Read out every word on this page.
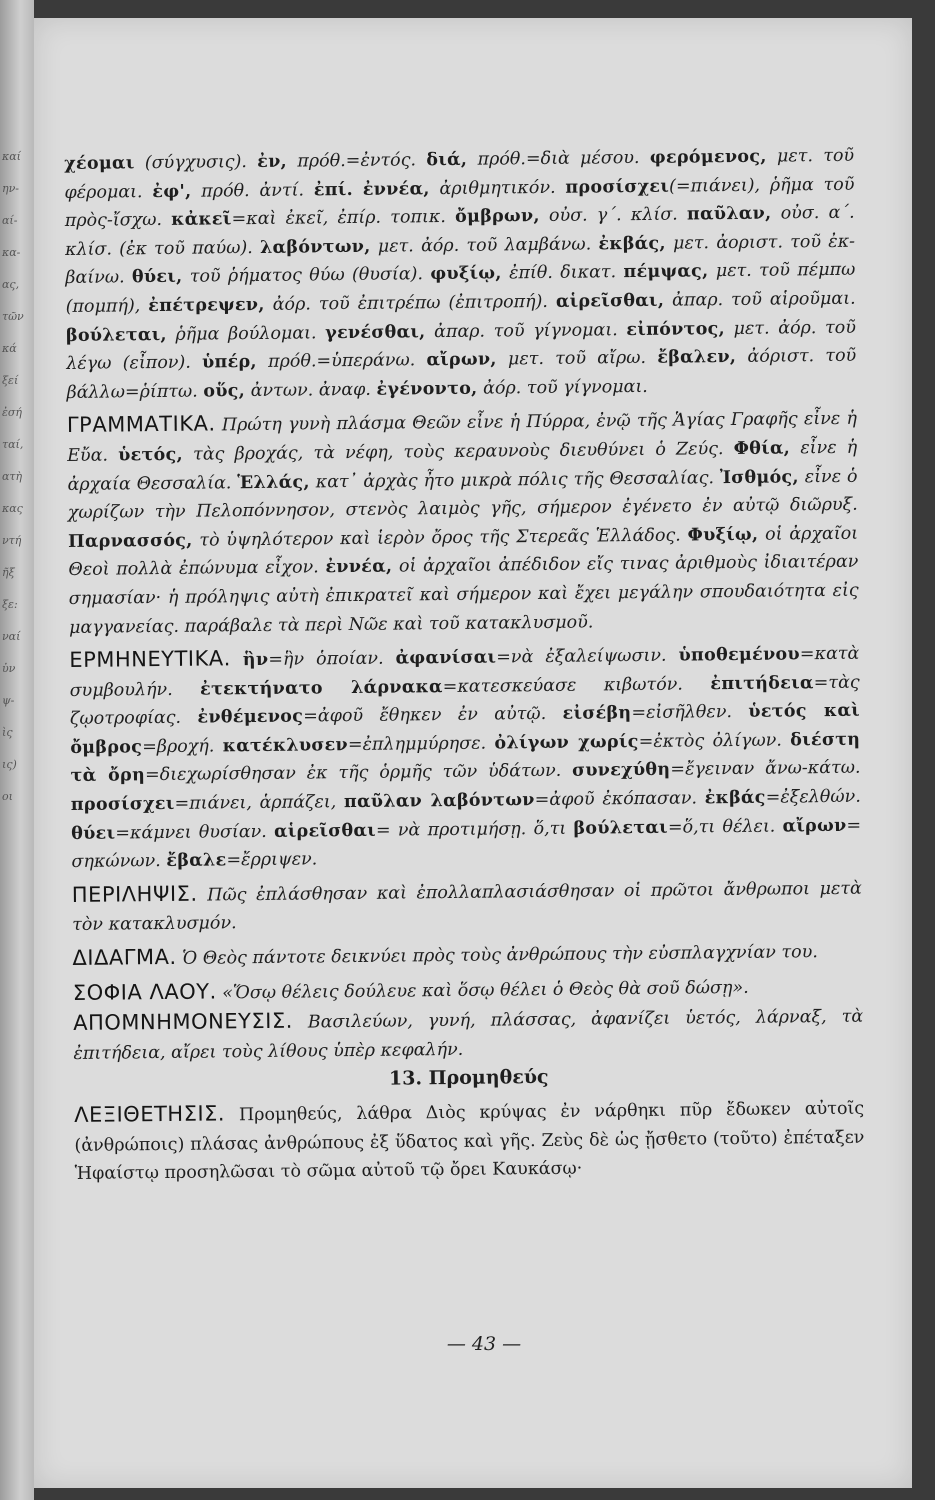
καί
ην-
αί-
κα-
ας,
τῶν
κά
ξεί
ἐσή
ταί,
ατὴ
κας
ντή
ῆξ
ξε:
ναί
ὐν
ψ-
ὶς
ις)
οι

χέομαι (σύγχυσις). ἐν, πρόθ.=ἐντός. διά, πρόθ.=διὰ μέσου. φερόμενος, μετ. τοῦ φέρομαι. ἐφ', πρόθ. ἀντί. ἐπί. ἐννέα, ἀριθμητικόν. προσίσχει(=πιάνει), ῥῆμα τοῦ πρὸς-ἴσχω. κἀκεῖ=καὶ ἐκεῖ, ἐπίρ. τοπικ. ὄμβρων, οὐσ. γ΄. κλίσ. παῦλαν, οὐσ. α΄. κλίσ. (ἐκ τοῦ παύω). λαβόντων, μετ. ἀόρ. τοῦ λαμβάνω. ἐκβάς, μετ. ἀοριστ. τοῦ ἐκ-βαίνω. θύει, τοῦ ῥήματος θύω (θυσία). φυξίῳ, ἐπίθ. δικατ. πέμψας, μετ. τοῦ πέμπω (πομπή), ἐπέτρεψεν, ἀόρ. τοῦ ἐπιτρέπω (ἐπιτροπή). αἱρεῖσθαι, ἀπαρ. τοῦ αἱροῦμαι. βούλεται, ῥῆμα βούλομαι. γενέσθαι, ἀπαρ. τοῦ γίγνομαι. εἰπόντος, μετ. ἀόρ. τοῦ λέγω (εἶπον). ὑπέρ, πρόθ.=ὑπεράνω. αἴρων, μετ. τοῦ αἴρω. ἔβαλεν, ἀόριστ. τοῦ βάλλω=ῥίπτω. οὕς, ἀντων. ἀναφ. ἐγένοντο, ἀόρ. τοῦ γίγνομαι.

ΓΡΑΜΜΑΤΙΚΑ. Πρώτη γυνὴ πλάσμα Θεῶν εἶνε ἡ Πύρρα, ἐνῷ τῆς Ἁγίας Γραφῆς εἶνε ἡ Εὔα. ὑετός, τὰς βροχάς, τὰ νέφη, τοὺς κεραυνοὺς διευθύνει ὁ Ζεύς. Φθία, εἶνε ἡ ἀρχαία Θεσσαλία. Ἑλλάς, κατ᾽ ἀρχὰς ἦτο μικρὰ πόλις τῆς Θεσσαλίας. Ἰσθμός, εἶνε ὁ χωρίζων τὴν Πελοπόννησον, στενὸς λαιμὸς γῆς, σήμερον ἐγένετο ἐν αὐτῷ διῶρυξ. Παρνασσός, τὸ ὑψηλότερον καὶ ἱερὸν ὄρος τῆς Στερεᾶς Ἑλλάδος. Φυξίῳ, οἱ ἀρχαῖοι Θεοὶ πολλὰ ἐπώνυμα εἶχον. ἐννέα, οἱ ἀρχαῖοι ἀπέδιδον εἴς τινας ἀριθμοὺς ἰδιαιτέραν σημασίαν· ἡ πρόληψις αὐτὴ ἐπικρατεῖ καὶ σήμερον καὶ ἔχει μεγάλην σπουδαιότητα εἰς μαγγανείας. παράβαλε τὰ περὶ Νῶε καὶ τοῦ κατακλυσμοῦ.

ΕΡΜΗΝΕΥΤΙΚΑ. ἣν=ἣν ὁποίαν. ἀφανίσαι=νὰ ἐξαλείψωσιν. ὑποθεμένου=κατὰ συμβουλήν. ἐτεκτήνατο λάρνακα=κατεσκεύασε κιβωτόν. ἐπιτήδεια=τὰς ζῳοτροφίας. ἐνθέμενος=ἀφοῦ ἔθηκεν ἐν αὐτῷ. εἰσέβη=εἰσῆλθεν. ὑετός καὶ ὄμβρος=βροχή. κατέκλυσεν=ἐπλημμύρησε. ὀλίγων χωρίς=ἐκτὸς ὀλίγων. διέστη τὰ ὄρη=διεχωρίσθησαν ἐκ τῆς ὁρμῆς τῶν ὑδάτων. συνεχύθη=ἔγειναν ἄνω-κάτω. προσίσχει=πιάνει, ἁρπάζει, παῦλαν λαβόντων=ἀφοῦ ἐκόπασαν. ἐκβάς=ἐξελθών. θύει=κάμνει θυσίαν. αἱρεῖσθαι= νὰ προτιμήσῃ. ὅ,τι βούλεται=ὅ,τι θέλει. αἴρων= σηκώνων. ἔβαλε=ἔρριψεν.

ΠΕΡΙΛΗΨΙΣ. Πῶς ἐπλάσθησαν καὶ ἐπολλαπλασιάσθησαν οἱ πρῶτοι ἄνθρωποι μετὰ τὸν κατακλυσμόν.

ΔΙΔΑΓΜΑ. Ὁ Θεὸς πάντοτε δεικνύει πρὸς τοὺς ἀνθρώπους τὴν εὐσπλαγχνίαν του.

ΣΟΦΙΑ ΛΑΟΥ. «Ὅσῳ θέλεις δούλευε καὶ ὅσῳ θέλει ὁ Θεὸς θὰ σοῦ δώσῃ».

ΑΠΟΜΝΗΜΟΝΕΥΣΙΣ. Βασιλεύων, γυνή, πλάσσας, ἀφανίζει ὑετός, λάρναξ, τὰ ἐπιτήδεια, αἴρει τοὺς λίθους ὑπὲρ κεφαλήν.

13. Προμηθεύς

ΛΕΞΙΘΕΤΗΣΙΣ. Προμηθεύς, λάθρα Διὸς κρύψας ἐν νάρθηκι πῦρ ἔδωκεν αὐτοῖς (ἀνθρώποις) πλάσας ἀνθρώπους ἐξ ὕδατος καὶ γῆς. Ζεὺς δὲ ὡς ᾔσθετο (τοῦτο) ἐπέταξεν Ἡφαίστῳ προσηλῶσαι τὸ σῶμα αὐτοῦ τῷ ὄρει Καυκάσῳ·

— 43 —
